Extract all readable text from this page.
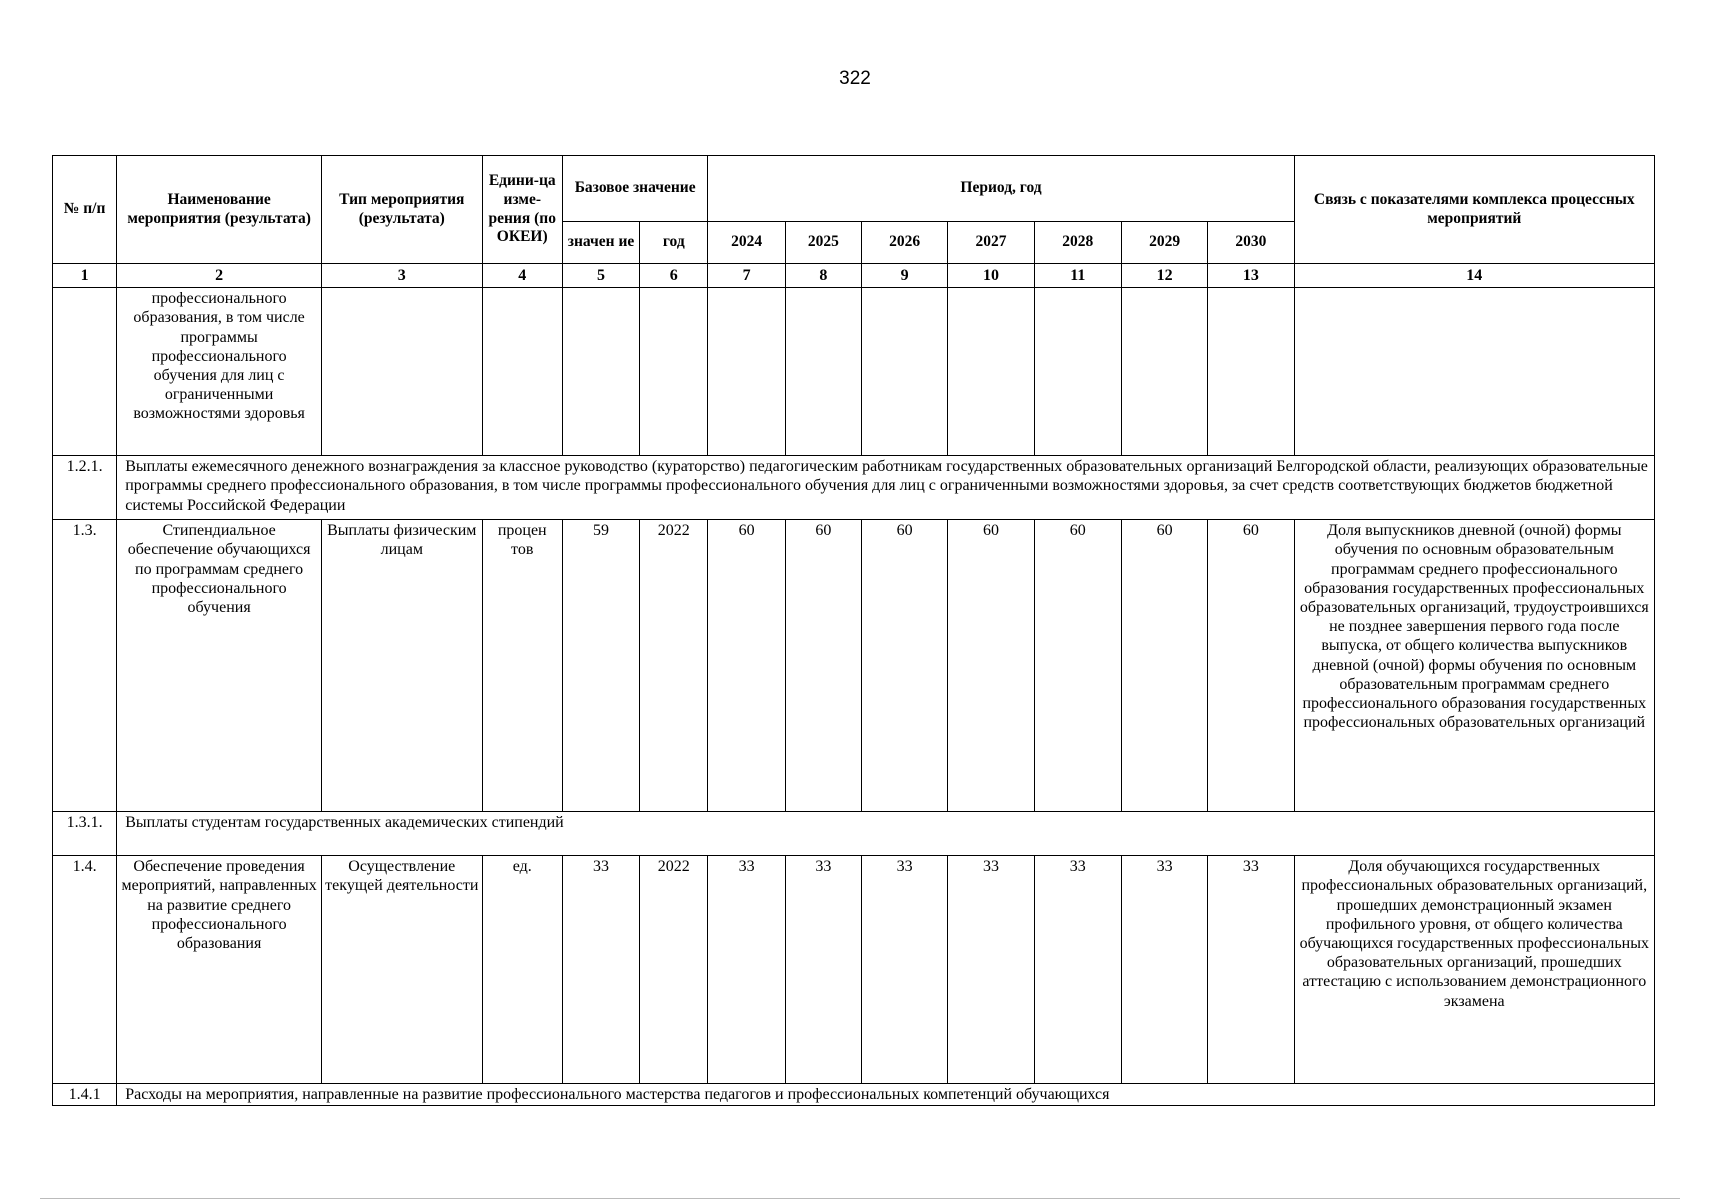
322
№ п/п	Наименование мероприятия (результата)	Тип мероприятия (результата)	Едини-ца изме-рения (по ОКЕИ)	Базовое значение		Период, год							Связь с показателями комплекса процессных мероприятий
				значен ие	год	2024	2025	2026	2027	2028	2029	2030	
1	2	3	4	5	6	7	8	9	10	11	12	13	14
	профессионального образования, в том числе программы профессионального обучения для лиц с ограниченными возможностями здоровья												
1.2.1.	Выплаты ежемесячного денежного вознаграждения за классное руководство (кураторство) педагогическим работникам государственных образовательных организаций Белгородской области, реализующих образовательные программы среднего профессионального образования, в том числе программы профессионального обучения для лиц с ограниченными возможностями здоровья, за счет средств соответствующих бюджетов бюджетной системы Российской Федерации												
1.3.	Стипендиальное обеспечение обучающихся по программам среднего профессионального обучения	Выплаты физическим лицам	процен тов	59	2022	60	60	60	60	60	60	60	Доля выпускников дневной (очной) формы обучения по основным образовательным программам среднего профессионального образования государственных профессиональных образовательных организаций, трудоустроившихся не позднее завершения первого года после выпуска, от общего количества выпускников дневной (очной) формы обучения по основным образовательным программам среднего профессионального образования государственных профессиональных образовательных организаций
1.3.1.	Выплаты студентам государственных академических стипендий												
1.4.	Обеспечение проведения мероприятий, направленных на развитие среднего профессионального образования	Осуществление текущей деятельности	ед.	33	2022	33	33	33	33	33	33	33	Доля обучающихся государственных профессиональных образовательных организаций, прошедших демонстрационный экзамен профильного уровня, от общего количества обучающихся государственных профессиональных образовательных организаций, прошедших аттестацию с использованием демонстрационного экзамена
1.4.1	Расходы на мероприятия, направленные на развитие профессионального мастерства педагогов и профессиональных компетенций обучающихся												
